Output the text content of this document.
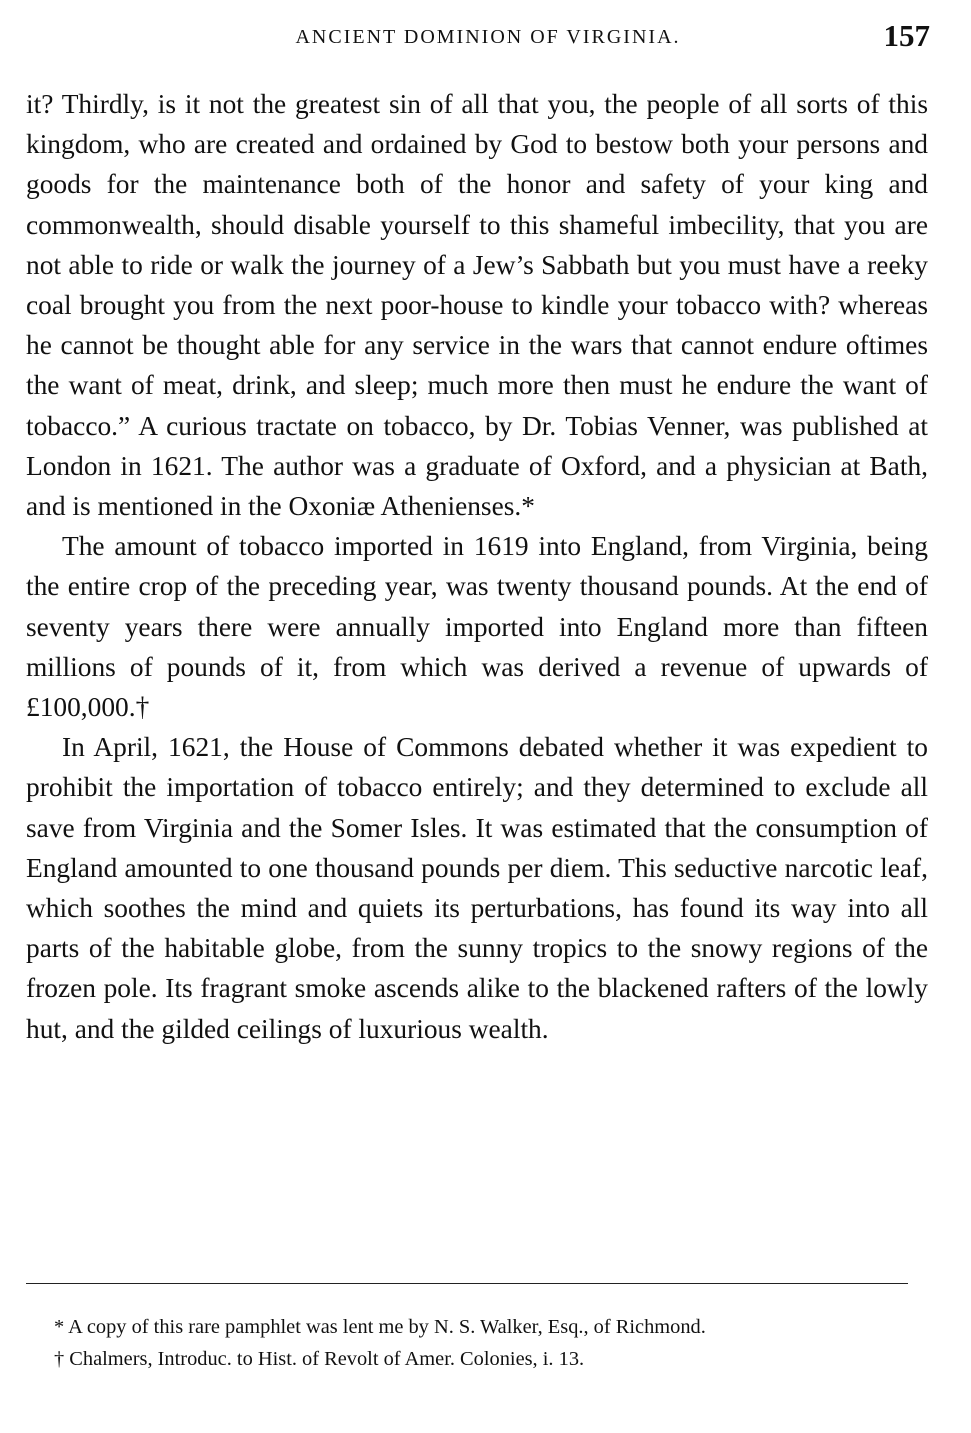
ANCIENT DOMINION OF VIRGINIA.	157

it? Thirdly, is it not the greatest sin of all that you, the people of all sorts of this kingdom, who are created and ordained by God to bestow both your persons and goods for the maintenance both of the honor and safety of your king and commonwealth, should disable yourself to this shameful imbecility, that you are not able to ride or walk the journey of a Jew’s Sabbath but you must have a reeky coal brought you from the next poor-house to kindle your tobacco with? whereas he cannot be thought able for any service in the wars that cannot endure oftimes the want of meat, drink, and sleep; much more then must he endure the want of tobacco.” A curious tractate on tobacco, by Dr. Tobias Venner, was published at London in 1621. The author was a graduate of Oxford, and a physician at Bath, and is mentioned in the Oxoniæ Athenienses.*

The amount of tobacco imported in 1619 into England, from Virginia, being the entire crop of the preceding year, was twenty thousand pounds. At the end of seventy years there were annually imported into England more than fifteen millions of pounds of it, from which was derived a revenue of upwards of £100,000.†

In April, 1621, the House of Commons debated whether it was expedient to prohibit the importation of tobacco entirely; and they determined to exclude all save from Virginia and the Somer Isles. It was estimated that the consumption of England amounted to one thousand pounds per diem. This seductive narcotic leaf, which soothes the mind and quiets its perturbations, has found its way into all parts of the habitable globe, from the sunny tropics to the snowy regions of the frozen pole. Its fragrant smoke ascends alike to the blackened rafters of the lowly hut, and the gilded ceilings of luxurious wealth.

* A copy of this rare pamphlet was lent me by N. S. Walker, Esq., of Richmond.

† Chalmers, Introduc. to Hist. of Revolt of Amer. Colonies, i. 13.
